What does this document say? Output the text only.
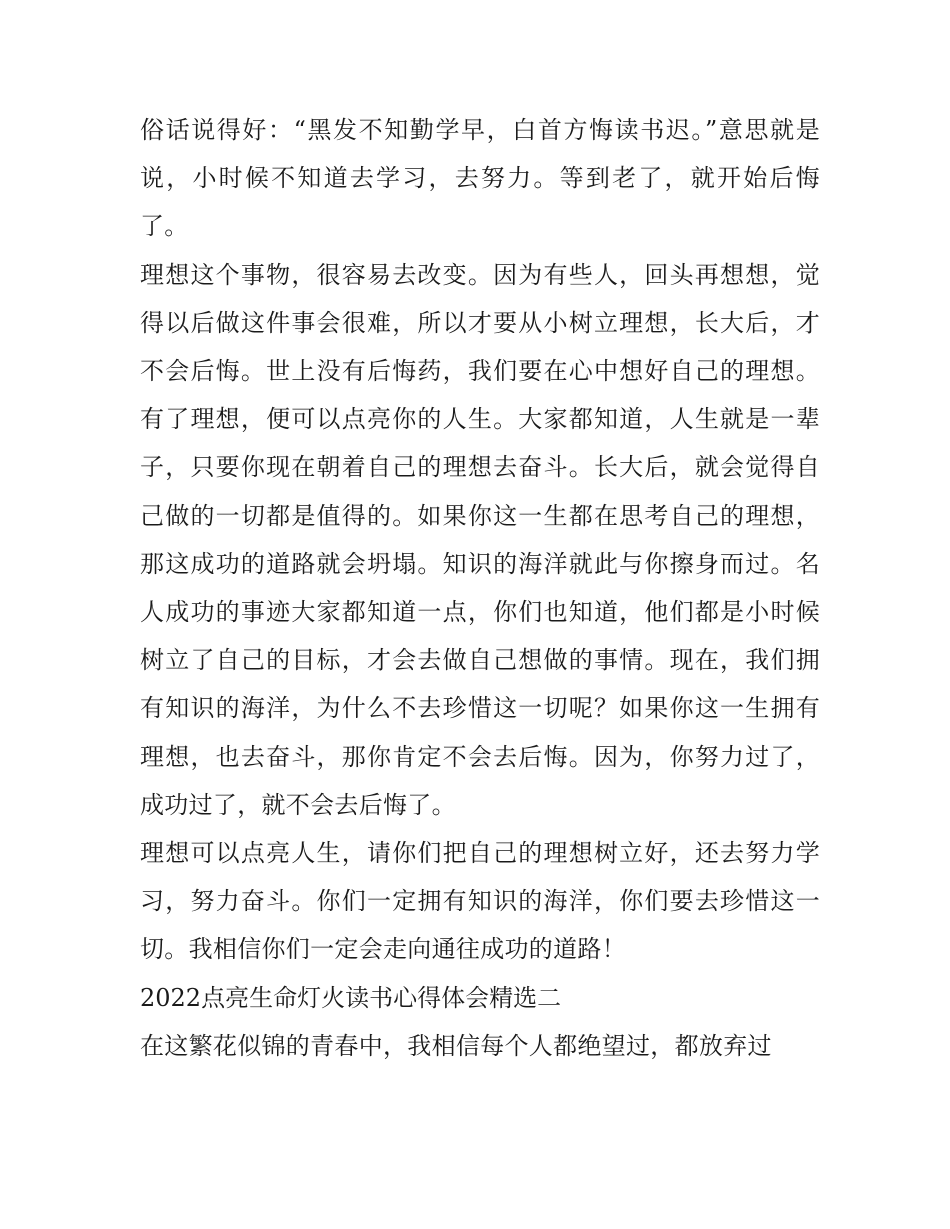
俗话说得好：“黑发不知勤学早，白首方悔读书迟。”意思就是说，小时候不知道去学习，去努力。等到老了，就开始后悔了。

理想这个事物，很容易去改变。因为有些人，回头再想想，觉得以后做这件事会很难，所以才要从小树立理想，长大后，才不会后悔。世上没有后悔药，我们要在心中想好自己的理想。有了理想，便可以点亮你的人生。大家都知道，人生就是一辈子，只要你现在朝着自己的理想去奋斗。长大后，就会觉得自己做的一切都是值得的。如果你这一生都在思考自己的理想，那这成功的道路就会坍塌。知识的海洋就此与你擦身而过。名人成功的事迹大家都知道一点，你们也知道，他们都是小时候树立了自己的目标，才会去做自己想做的事情。现在，我们拥有知识的海洋，为什么不去珍惜这一切呢？如果你这一生拥有理想，也去奋斗，那你肯定不会去后悔。因为，你努力过了，成功过了，就不会去后悔了。

理想可以点亮人生，请你们把自己的理想树立好，还去努力学习，努力奋斗。你们一定拥有知识的海洋，你们要去珍惜这一切。我相信你们一定会走向通往成功的道路！

2022点亮生命灯火读书心得体会精选二

在这繁花似锦的青春中，我相信每个人都绝望过，都放弃过
